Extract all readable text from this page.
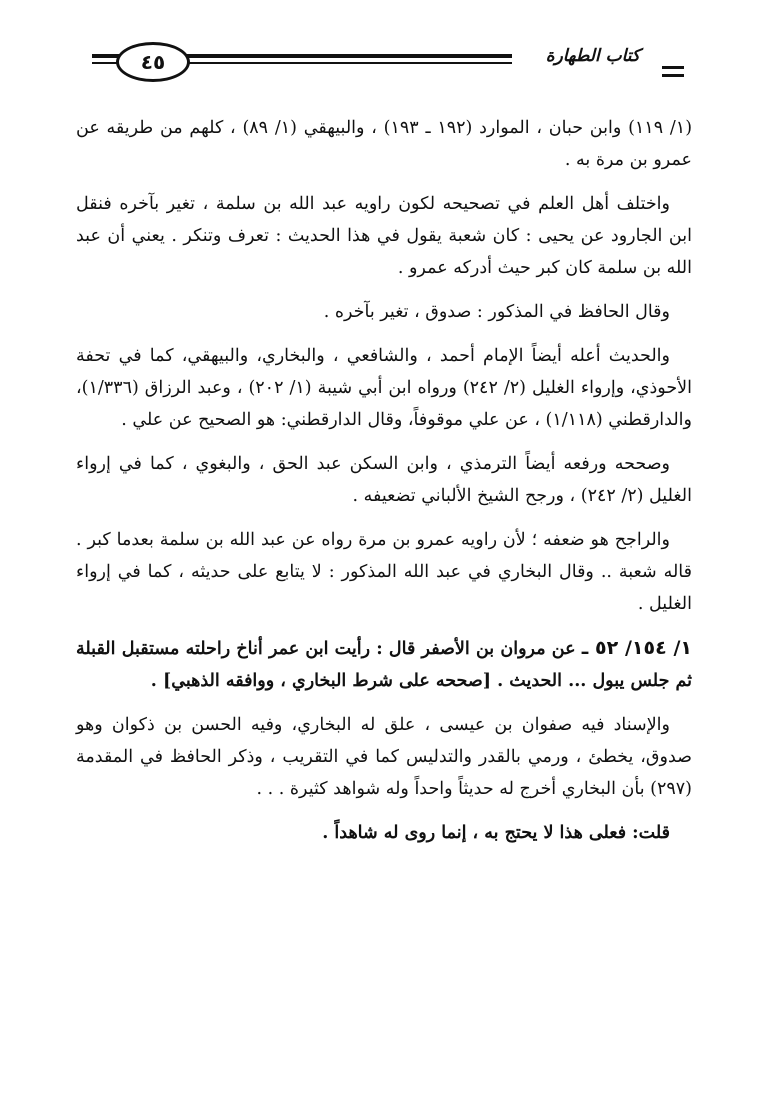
٤٥	كتاب الطهارة

(١/ ١١٩) وابن حبان ، الموارد (١٩٢ ـ ١٩٣) ، والبيهقي (١/ ٨٩) ، كلهم من طريقه عن عمرو بن مرة به .

واختلف أهل العلم في تصحيحه لكون راويه عبد الله بن سلمة ، تغير بآخره فنقل ابن الجارود عن يحيى : كان شعبة يقول في هذا الحديث : تعرف وتنكر . يعني أن عبد الله بن سلمة كان كبر حيث أدركه عمرو .

وقال الحافظ في المذكور : صدوق ، تغير بآخره .

والحديث أعله أيضاً الإمام أحمد ، والشافعي ، والبخاري، والبيهقي، كما في تحفة الأحوذي، وإرواء الغليل (٢/ ٢٤٢) ورواه ابن أبي شيبة (١/ ٢٠٢) ، وعبد الرزاق (١/٣٣٦)، والدارقطني (١/١١٨) ، عن علي موقوفاً، وقال الدارقطني: هو الصحيح عن علي .

وصححه ورفعه أيضاً الترمذي ، وابن السكن عبد الحق ، والبغوي ، كما في إرواء الغليل (٢/ ٢٤٢) ، ورجح الشيخ الألباني تضعيفه .

والراجح هو ضعفه ؛ لأن راويه عمرو بن مرة رواه عن عبد الله بن سلمة بعدما كبر . قاله شعبة .. وقال البخاري في عبد الله المذكور : لا يتابع على حديثه ، كما في إرواء الغليل .

١/ ١٥٤/ ٥٢ ـ عن مروان بن الأصفر قال : رأيت ابن عمر أناخ راحلته مستقبل القبلة ثم جلس يبول ... الحديث . [صححه على شرط البخاري ، ووافقه الذهبي] .

والإسناد فيه صفوان بن عيسى ، علق له البخاري، وفيه الحسن بن ذكوان وهو صدوق، يخطئ ، ورمي بالقدر والتدليس كما في التقريب ، وذكر الحافظ في المقدمة (٢٩٧) بأن البخاري أخرج له حديثاً واحداً وله شواهد كثيرة . . .

قلت: فعلى هذا لا يحتج به ، إنما روى له شاهداً .
